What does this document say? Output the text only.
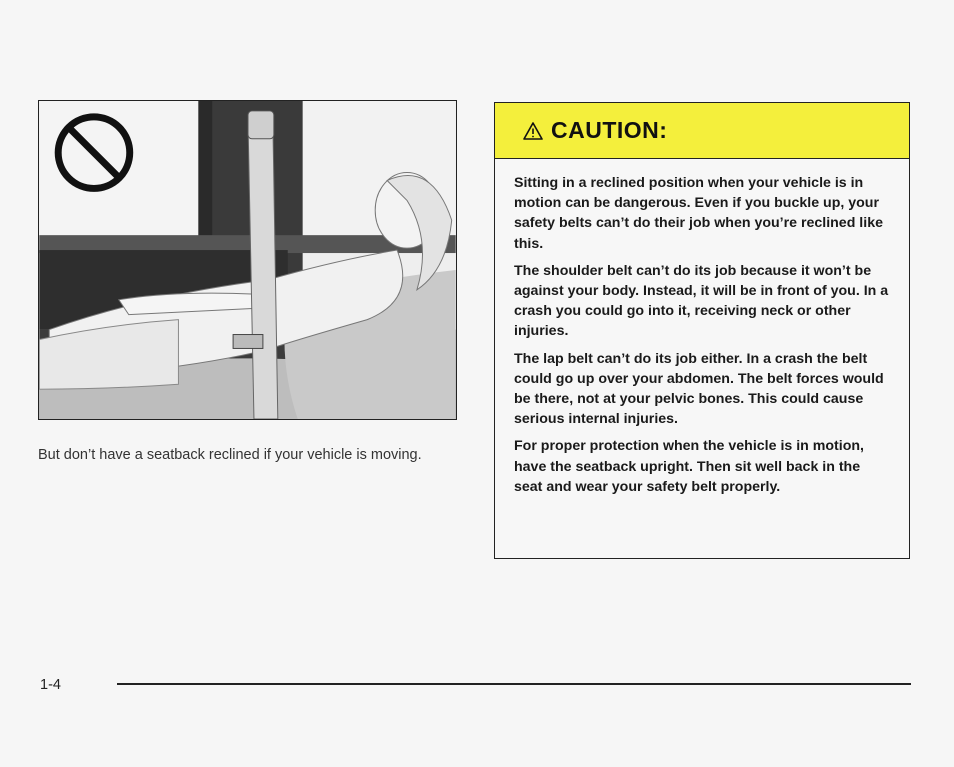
But don’t have a seatback reclined if your vehicle is moving.

CAUTION:

Sitting in a reclined position when your vehicle is in motion can be dangerous. Even if you buckle up, your safety belts can’t do their job when you’re reclined like this.

The shoulder belt can’t do its job because it won’t be against your body. Instead, it will be in front of you. In a crash you could go into it, receiving neck or other injuries.

The lap belt can’t do its job either. In a crash the belt could go up over your abdomen. The belt forces would be there, not at your pelvic bones. This could cause serious internal injuries.

For proper protection when the vehicle is in motion, have the seatback upright. Then sit well back in the seat and wear your safety belt properly.

1-4
